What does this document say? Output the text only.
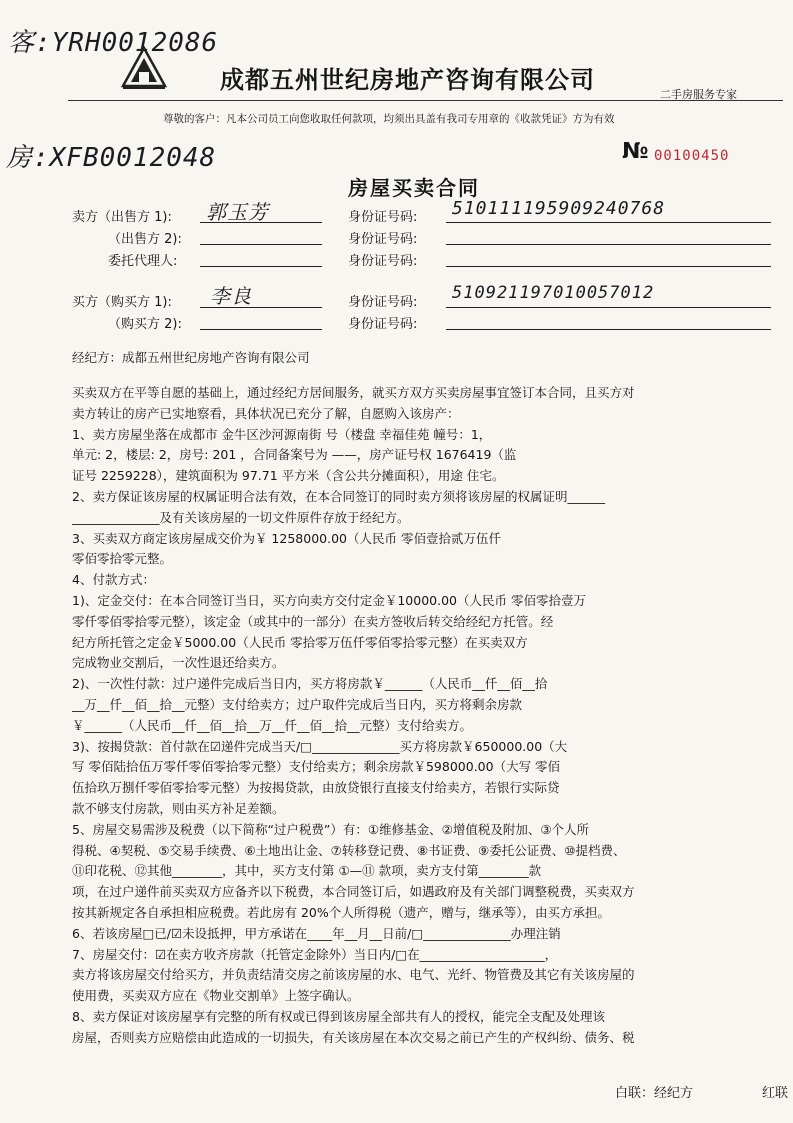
客:YRH0012086
成都五州世纪房地产咨询有限公司
二手房服务专家
尊敬的客户：凡本公司员工向您收取任何款项，均须出具盖有我司专用章的《收款凭证》方为有效
房:XFB0012048	№ 00100450
房屋买卖合同
卖方（出售方 1): 郭玉芳	身份证号码: 510111195909240768
（出售方 2):	身份证号码:
委托代理人:	身份证号码:
买方（购买方 1): 李良	身份证号码: 510921197010057012
（购买方 2):	身份证号码:
经纪方：成都五州世纪房地产咨询有限公司

买卖双方在平等自愿的基础上，通过经纪方居间服务，就买方双方买卖房屋事宜签订本合同，且买方对

卖方转让的房产已实地察看，具体状况已充分了解，自愿购入该房产：

1、卖方房屋坐落在成都市 金牛区沙河源南街 号（楼盘 幸福佳苑 幢号：1，

单元: 2，楼层: 2，房号: 201 ，合同备案号为 ——，房产证号权 1676419（监

证号 2259228），建筑面积为 97.71 平方米（含公共分摊面积），用途 住宅。

2、卖方保证该房屋的权属证明合法有效，在本合同签订的同时卖方须将该房屋的权属证明______

______________及有关该房屋的一切文件原件存放于经纪方。

3、买卖双方商定该房屋成交价为￥ 1258000.00（人民币 零佰壹拾贰万伍仟

零佰零拾零元整。

4、付款方式：

1)、定金交付：在本合同签订当日，买方向卖方交付定金￥10000.00（人民币 零佰零拾壹万

零仟零佰零拾零元整），该定金（或其中的一部分）在卖方签收后转交给经纪方托管。经

纪方所托管之定金￥5000.00（人民币 零拾零万伍仟零佰零拾零元整）在买卖双方

完成物业交割后，一次性退还给卖方。

2)、一次性付款：过户递件完成后当日内，买方将房款￥______（人民币__仟__佰__拾

__万__仟__佰__拾__元整）支付给卖方；过户取件完成后当日内，买方将剩余房款

￥______（人民币__仟__佰__拾__万__仟__佰__拾__元整）支付给卖方。

3)、按揭贷款：首付款在☑递件完成当天/□______________买方将房款￥650000.00（大

写 零佰陆拾伍万零仟零佰零拾零元整）支付给卖方；剩余房款￥598000.00（大写 零佰

伍拾玖万捌仟零佰零拾零元整）为按揭贷款，由放贷银行直接支付给卖方，若银行实际贷

款不够支付房款，则由买方补足差额。

5、房屋交易需涉及税费（以下简称“过户税费”）有：①维修基金、②增值税及附加、③个人所

得税、④契税、⑤交易手续费、⑥土地出让金、⑦转移登记费、⑧书证费、⑨委托公证费、⑩提档费、

⑪印花税、⑫其他________，其中，买方支付第 ①—⑪ 款项，卖方支付第________款

项，在过户递件前买卖双方应备齐以下税费，本合同签订后，如遇政府及有关部门调整税费，买卖双方

按其新规定各自承担相应税费。若此房有 20%个人所得税（遗产，赠与，继承等），由买方承担。

6、若该房屋□已/☑未设抵押，甲方承诺在____年__月__日前/□______________办理注销

7、房屋交付：☑在卖方收齐房款（托管定金除外）当日内/□在____________________，

卖方将该房屋交付给买方，并负责结清交房之前该房屋的水、电气、光纤、物管费及其它有关该房屋的

使用费，买卖双方应在《物业交割单》上签字确认。

8、卖方保证对该房屋享有完整的所有权或已得到该房屋全部共有人的授权，能完全支配及处理该

房屋，否则卖方应赔偿由此造成的一切损失，有关该房屋在本次交易之前已产生的产权纠纷、债务、税

白联：经纪方	红联
